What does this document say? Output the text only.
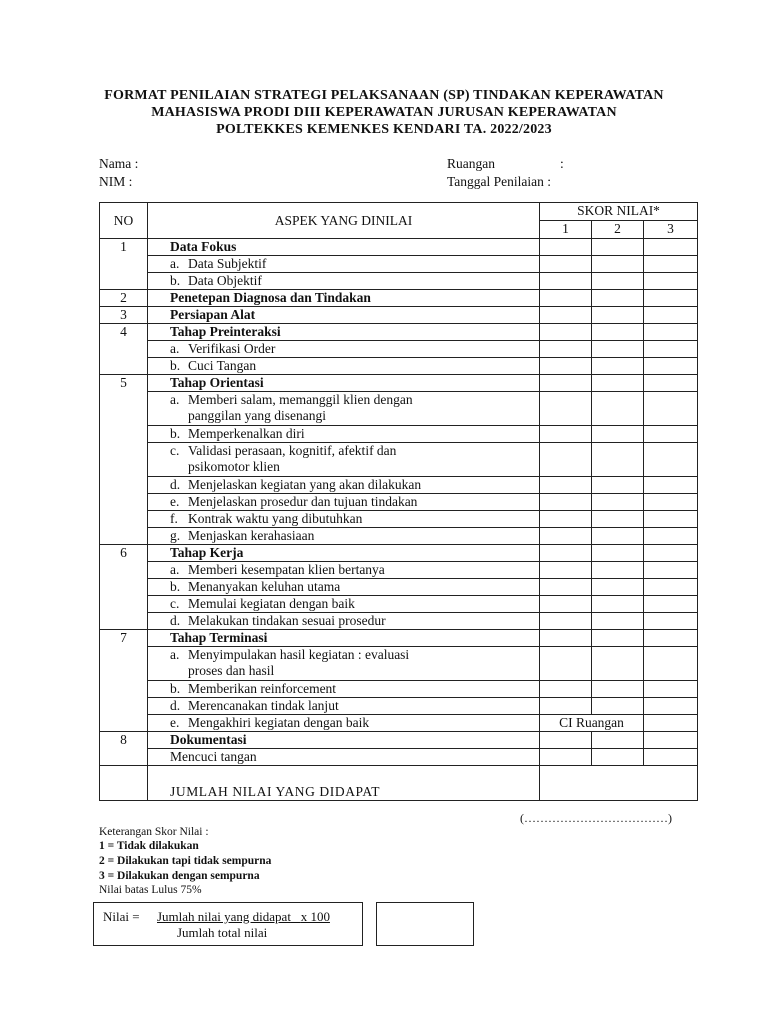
FORMAT PENILAIAN STRATEGI PELAKSANAAN (SP) TINDAKAN KEPERAWATAN
MAHASISWA PRODI DIII KEPERAWATAN JURUSAN KEPERAWATAN
POLTEKKES KEMENKES KENDARI TA. 2022/2023
Nama :
NIM :
Ruangan	:
Tanggal Penilaian :
NO	ASPEK YANG DINILAI	SKOR NILAI*		
		1	2	3
1	Data Fokus			
	a. Data Subjektif			
	b. Data Objektif			
2	Penetepan Diagnosa dan Tindakan			
3	Persiapan Alat			
4	Tahap Preinteraksi			
	a. Verifikasi Order			
	b. Cuci Tangan			
5	Tahap Orientasi			
	a. Memberi salam, memanggil klien dengan
panggilan yang disenangi			

	b. Memperkenalkan diri			
	c. Validasi perasaan, kognitif, afektif dan
psikomotor klien			

	d. Menjelaskan kegiatan yang akan dilakukan			
	e. Menjelaskan prosedur dan tujuan tindakan			
	f. Kontrak waktu yang dibutuhkan			
	g. Menjaskan kerahasiaan			
6	Tahap Kerja			
	a. Memberi kesempatan klien bertanya			
	b. Menanyakan keluhan utama			
	c. Memulai kegiatan dengan baik			
	d. Melakukan tindakan sesuai prosedur			
7	Tahap Terminasi			
	a. Menyimpulakan hasil kegiatan : evaluasi
proses dan hasil			

	b. Memberikan reinforcement			
	d. Merencanakan tindak lanjut			
	e. Mengakhiri kegiatan dengan baik	CI Ruangan		
8	Dokumentasi			
	Mencuci tangan			
	JUMLAH NILAI YANG DIDAPAT			
(………………………………)
Keterangan Skor Nilai :
1 = Tidak dilakukan
2 = Dilakukan tapi tidak sempurna
3 = Dilakukan dengan sempurna
Nilai batas Lulus 75%
Nilai = Jumlah nilai yang didapat x 100
Jumlah total nilai
